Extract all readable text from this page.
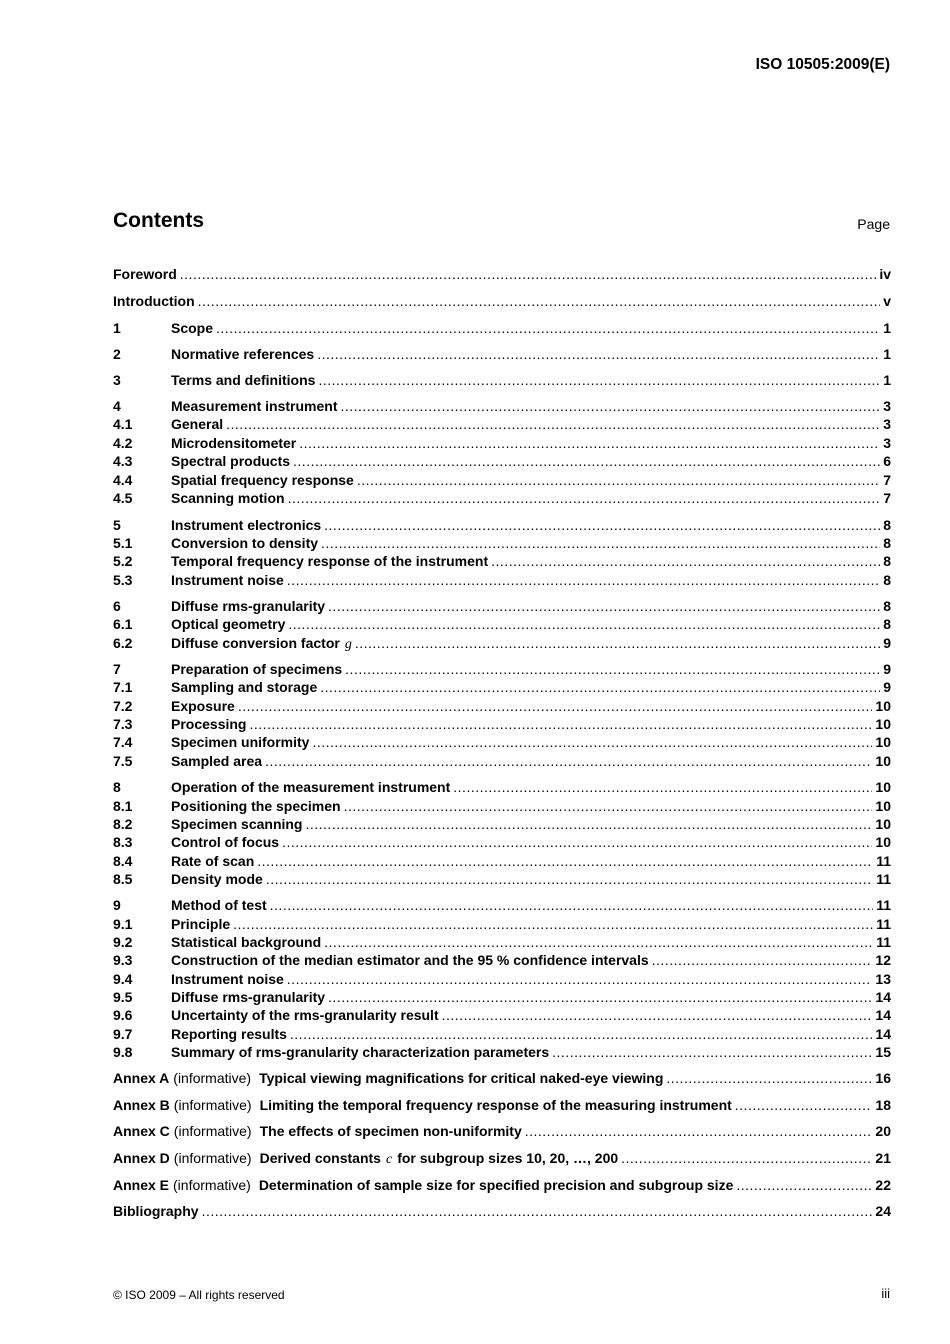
ISO 10505:2009(E)
Contents	Page
Foreword .....	iv
Introduction .....	v
1	Scope .....	1
2	Normative references .....	1
3	Terms and definitions .....	1
4	Measurement instrument .....	3
4.1	General .....	3
4.2	Microdensitometer .....	3
4.3	Spectral products .....	6
4.4	Spatial frequency response .....	7
4.5	Scanning motion .....	7
5	Instrument electronics .....	8
5.1	Conversion to density .....	8
5.2	Temporal frequency response of the instrument .....	8
5.3	Instrument noise .....	8
6	Diffuse rms-granularity .....	8
6.1	Optical geometry .....	8
6.2	Diffuse conversion factor g .....	9
7	Preparation of specimens .....	9
7.1	Sampling and storage .....	9
7.2	Exposure .....	10
7.3	Processing .....	10
7.4	Specimen uniformity .....	10
7.5	Sampled area .....	10
8	Operation of the measurement instrument .....	10
8.1	Positioning the specimen .....	10
8.2	Specimen scanning .....	10
8.3	Control of focus .....	10
8.4	Rate of scan .....	11
8.5	Density mode .....	11
9	Method of test .....	11
9.1	Principle .....	11
9.2	Statistical background .....	11
9.3	Construction of the median estimator and the 95 % confidence intervals .....	12
9.4	Instrument noise .....	13
9.5	Diffuse rms-granularity .....	14
9.6	Uncertainty of the rms-granularity result .....	14
9.7	Reporting results .....	14
9.8	Summary of rms-granularity characterization parameters .....	15
Annex A (informative) Typical viewing magnifications for critical naked-eye viewing .....	16
Annex B (informative) Limiting the temporal frequency response of the measuring instrument .....	18
Annex C (informative) The effects of specimen non-uniformity .....	20
Annex D (informative) Derived constants c for subgroup sizes 10, 20, …, 200 .....	21
Annex E (informative) Determination of sample size for specified precision and subgroup size .....	22
Bibliography .....	24
© ISO 2009 – All rights reserved	iii
